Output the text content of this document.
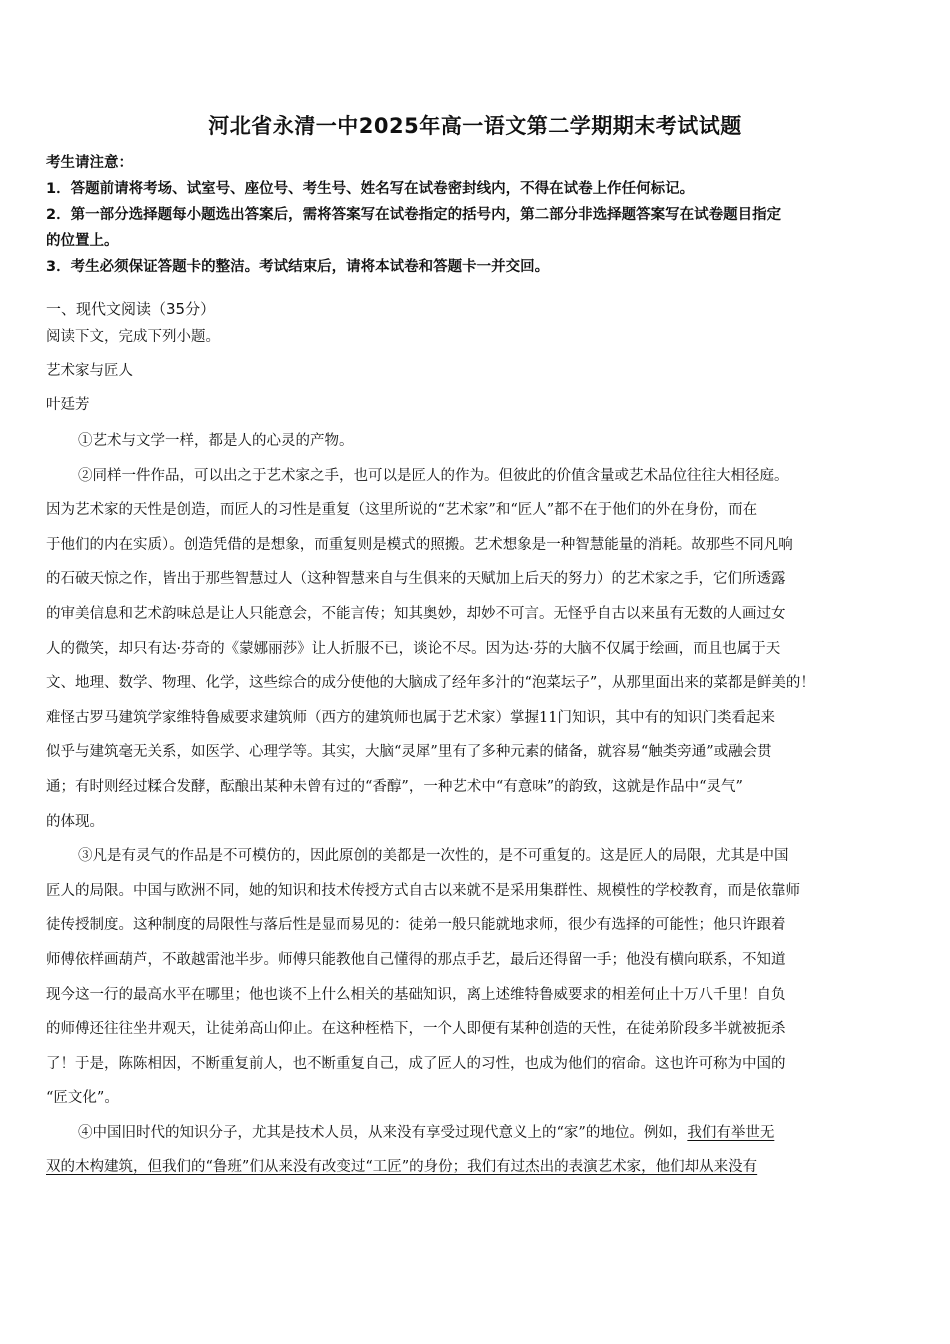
河北省永清一中2025年高一语文第二学期期末考试试题
考生请注意：
1．答题前请将考场、试室号、座位号、考生号、姓名写在试卷密封线内，不得在试卷上作任何标记。
2．第一部分选择题每小题选出答案后，需将答案写在试卷指定的括号内，第二部分非选择题答案写在试卷题目指定
的位置上。
3．考生必须保证答题卡的整洁。考试结束后，请将本试卷和答题卡一并交回。
一、现代文阅读（35分）
阅读下文，完成下列小题。
艺术家与匠人
叶廷芳
①艺术与文学一样，都是人的心灵的产物。
②同样一件作品，可以出之于艺术家之手，也可以是匠人的作为。但彼此的价值含量或艺术品位往往大相径庭。
因为艺术家的天性是创造，而匠人的习性是重复（这里所说的“艺术家”和“匠人”都不在于他们的外在身份，而在
于他们的内在实质）。创造凭借的是想象，而重复则是模式的照搬。艺术想象是一种智慧能量的消耗。故那些不同凡响
的石破天惊之作，皆出于那些智慧过人（这种智慧来自与生俱来的天赋加上后天的努力）的艺术家之手，它们所透露
的审美信息和艺术韵味总是让人只能意会，不能言传；知其奥妙，却妙不可言。无怪乎自古以来虽有无数的人画过女
人的微笑，却只有达·芬奇的《蒙娜丽莎》让人折服不已，谈论不尽。因为达·芬的大脑不仅属于绘画，而且也属于天
文、地理、数学、物理、化学，这些综合的成分使他的大脑成了经年多汁的“泡菜坛子”，从那里面出来的菜都是鲜美的！
难怪古罗马建筑学家维特鲁威要求建筑师（西方的建筑师也属于艺术家）掌握11门知识，其中有的知识门类看起来
似乎与建筑毫无关系，如医学、心理学等。其实，大脑“灵犀”里有了多种元素的储备，就容易“触类旁通”或融会贯
通；有时则经过糅合发酵，酝酿出某种未曾有过的“香醇”，一种艺术中“有意味”的韵致，这就是作品中“灵气”
的体现。
③凡是有灵气的作品是不可模仿的，因此原创的美都是一次性的，是不可重复的。这是匠人的局限，尤其是中国
匠人的局限。中国与欧洲不同，她的知识和技术传授方式自古以来就不是采用集群性、规模性的学校教育，而是依靠师
徒传授制度。这种制度的局限性与落后性是显而易见的：徒弟一般只能就地求师，很少有选择的可能性；他只许跟着
师傅依样画葫芦，不敢越雷池半步。师傅只能教他自己懂得的那点手艺，最后还得留一手；他没有横向联系，不知道
现今这一行的最高水平在哪里；他也谈不上什么相关的基础知识，离上述维特鲁威要求的相差何止十万八千里！自负
的师傅还往往坐井观天，让徒弟高山仰止。在这种桎梏下，一个人即便有某种创造的天性，在徒弟阶段多半就被扼杀
了！于是，陈陈相因，不断重复前人，也不断重复自己，成了匠人的习性，也成为他们的宿命。这也许可称为中国的
“匠文化”。
④中国旧时代的知识分子，尤其是技术人员，从来没有享受过现代意义上的“家”的地位。例如，我们有举世无
双的木构建筑，但我们的“鲁班”们从来没有改变过“工匠”的身份；我们有过杰出的表演艺术家，他们却从来没有
